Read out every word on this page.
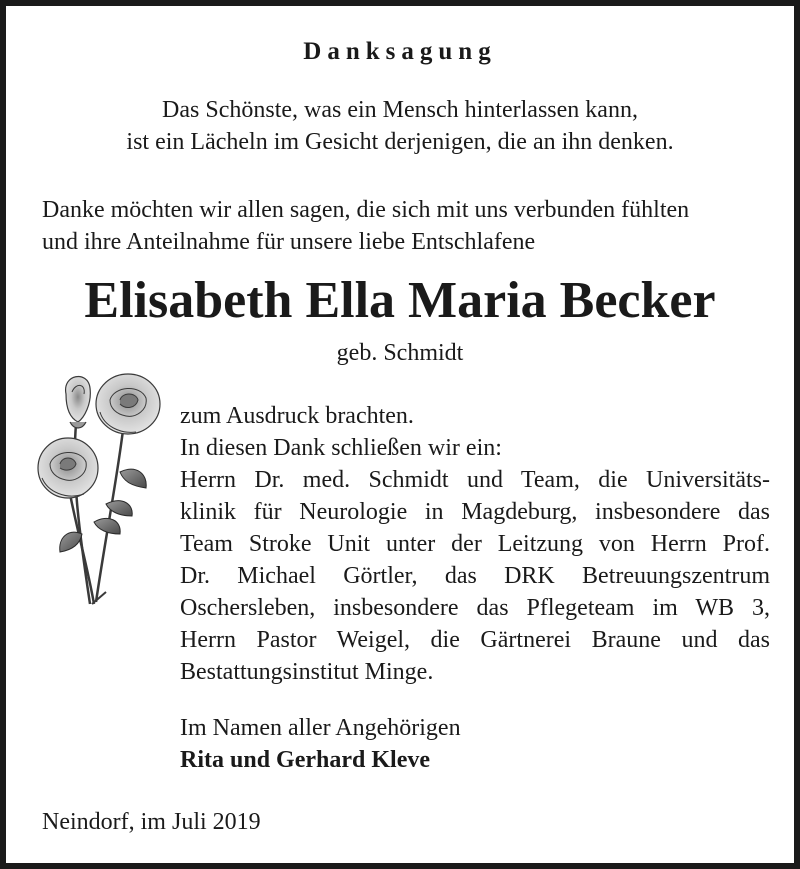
Danksagung
Das Schönste, was ein Mensch hinterlassen kann,
ist ein Lächeln im Gesicht derjenigen, die an ihn denken.
Danke möchten wir allen sagen, die sich mit uns verbunden fühlten
und ihre Anteilnahme für unsere liebe Entschlafene
Elisabeth Ella Maria Becker
geb. Schmidt
zum Ausdruck brachten.
In diesen Dank schließen wir ein:
Herrn Dr. med. Schmidt und Team, die Universitäts-
klinik für Neurologie in Magdeburg, insbesondere das
Team Stroke Unit unter der Leitzung von Herrn Prof.
Dr. Michael Görtler, das DRK Betreuungszentrum
Oschersleben, insbesondere das Pflegeteam im WB 3,
Herrn Pastor Weigel, die Gärtnerei Braune und das
Bestattungsinstitut Minge.
Im Namen aller Angehörigen
Rita und Gerhard Kleve
Neindorf, im Juli 2019
